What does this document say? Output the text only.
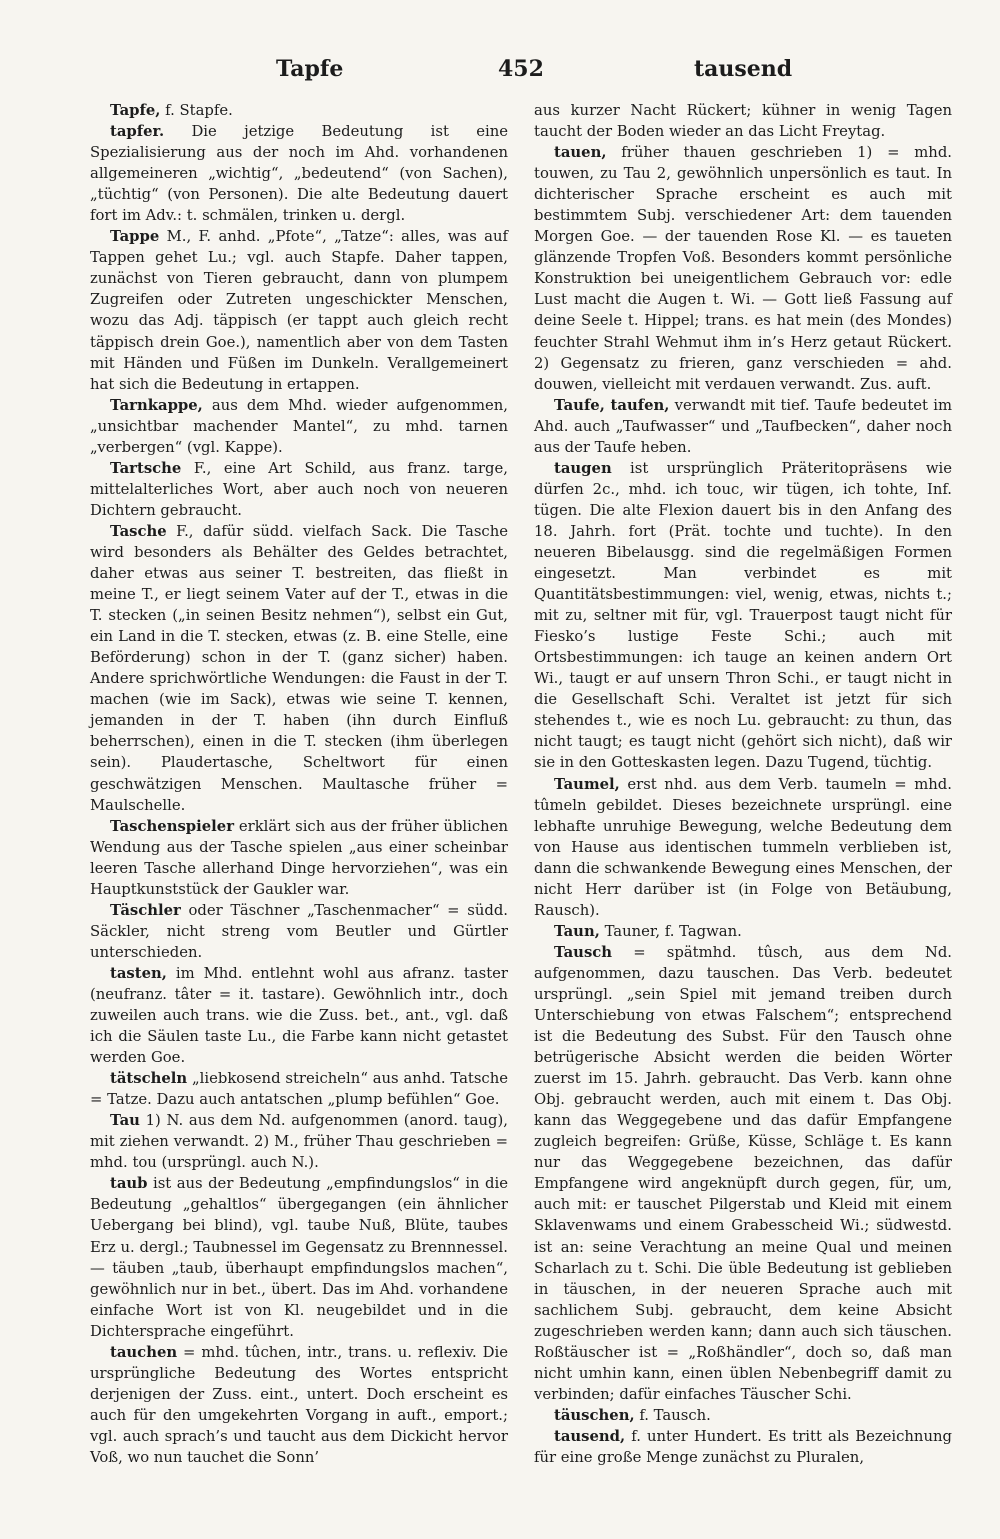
Tapfe	452	tausend

Tapfe, f. Stapfe.

tapfer. Die jetzige Bedeutung ist eine Spezialisierung aus der noch im Ahd. vorhandenen allgemeineren „wichtig“, „bedeutend“ (von Sachen), „tüchtig“ (von Personen). Die alte Bedeutung dauert fort im Adv.: t. schmälen, trinken u. dergl.

Tappe M., F. anhd. „Pfote“, „Tatze“: alles, was auf Tappen gehet Lu.; vgl. auch Stapfe. Daher tappen, zunächst von Tieren gebraucht, dann von plumpem Zugreifen oder Zutreten ungeschickter Menschen, wozu das Adj. täppisch (er tappt auch gleich recht täppisch drein Goe.), namentlich aber von dem Tasten mit Händen und Füßen im Dunkeln. Verallgemeinert hat sich die Bedeutung in ertappen.

Tarnkappe, aus dem Mhd. wieder aufgenommen, „unsichtbar machender Mantel“, zu mhd. tarnen „verbergen“ (vgl. Kappe).

Tartsche F., eine Art Schild, aus franz. targe, mittelalterliches Wort, aber auch noch von neueren Dichtern gebraucht.

Tasche F., dafür südd. vielfach Sack. Die Tasche wird besonders als Behälter des Geldes betrachtet, daher etwas aus seiner T. bestreiten, das fließt in meine T., er liegt seinem Vater auf der T., etwas in die T. stecken („in seinen Besitz nehmen“), selbst ein Gut, ein Land in die T. stecken, etwas (z. B. eine Stelle, eine Beförderung) schon in der T. (ganz sicher) haben. Andere sprichwörtliche Wendungen: die Faust in der T. machen (wie im Sack), etwas wie seine T. kennen, jemanden in der T. haben (ihn durch Einfluß beherrschen), einen in die T. stecken (ihm überlegen sein). Plaudertasche, Scheltwort für einen geschwätzigen Menschen. Maultasche früher = Maulschelle.

Taschenspieler erklärt sich aus der früher üblichen Wendung aus der Tasche spielen „aus einer scheinbar leeren Tasche allerhand Dinge hervorziehen“, was ein Hauptkunststück der Gaukler war.

Täschler oder Täschner „Taschenmacher“ = südd. Säckler, nicht streng vom Beutler und Gürtler unterschieden.

tasten, im Mhd. entlehnt wohl aus afranz. taster (neufranz. tâter = it. tastare). Gewöhnlich intr., doch zuweilen auch trans. wie die Zuss. bet., ant., vgl. daß ich die Säulen taste Lu., die Farbe kann nicht getastet werden Goe.

tätscheln „liebkosend streicheln“ aus anhd. Tatsche = Tatze. Dazu auch antatschen „plump befühlen“ Goe.

Tau 1) N. aus dem Nd. aufgenommen (anord. taug), mit ziehen verwandt. 2) M., früher Thau geschrieben = mhd. tou (ursprüngl. auch N.).

taub ist aus der Bedeutung „empfindungslos“ in die Bedeutung „gehaltlos“ übergegangen (ein ähnlicher Uebergang bei blind), vgl. taube Nuß, Blüte, taubes Erz u. dergl.; Taubnessel im Gegensatz zu Brennnessel. — täuben „taub, überhaupt empfindungslos machen“, gewöhnlich nur in bet., übert. Das im Ahd. vorhandene einfache Wort ist von Kl. neugebildet und in die Dichtersprache eingeführt.

tauchen = mhd. tûchen, intr., trans. u. reflexiv. Die ursprüngliche Bedeutung des Wortes entspricht derjenigen der Zuss. eint., untert. Doch erscheint es auch für den umgekehrten Vorgang in auft., emport.; vgl. auch sprach’s und taucht aus dem Dickicht hervor Voß, wo nun tauchet die Sonn’

aus kurzer Nacht Rückert; kühner in wenig Tagen taucht der Boden wieder an das Licht Freytag.

tauen, früher thauen geschrieben 1) = mhd. touwen, zu Tau 2, gewöhnlich unpersönlich es taut. In dichterischer Sprache erscheint es auch mit bestimmtem Subj. verschiedener Art: dem tauenden Morgen Goe. — der tauenden Rose Kl. — es taueten glänzende Tropfen Voß. Besonders kommt persönliche Konstruktion bei uneigentlichem Gebrauch vor: edle Lust macht die Augen t. Wi. — Gott ließ Fassung auf deine Seele t. Hippel; trans. es hat mein (des Mondes) feuchter Strahl Wehmut ihm in’s Herz getaut Rückert. 2) Gegensatz zu frieren, ganz verschieden = ahd. douwen, vielleicht mit verdauen verwandt. Zus. auft.

Taufe, taufen, verwandt mit tief. Taufe bedeutet im Ahd. auch „Taufwasser“ und „Taufbecken“, daher noch aus der Taufe heben.

taugen ist ursprünglich Präteritopräsens wie dürfen 2c., mhd. ich touc, wir tügen, ich tohte, Inf. tügen. Die alte Flexion dauert bis in den Anfang des 18. Jahrh. fort (Prät. tochte und tuchte). In den neueren Bibelausgg. sind die regelmäßigen Formen eingesetzt. Man verbindet es mit Quantitätsbestimmungen: viel, wenig, etwas, nichts t.; mit zu, seltner mit für, vgl. Trauerpost taugt nicht für Fiesko’s lustige Feste Schi.; auch mit Ortsbestimmungen: ich tauge an keinen andern Ort Wi., taugt er auf unsern Thron Schi., er taugt nicht in die Gesellschaft Schi. Veraltet ist jetzt für sich stehendes t., wie es noch Lu. gebraucht: zu thun, das nicht taugt; es taugt nicht (gehört sich nicht), daß wir sie in den Gotteskasten legen. Dazu Tugend, tüchtig.

Taumel, erst nhd. aus dem Verb. taumeln = mhd. tûmeln gebildet. Dieses bezeichnete ursprüngl. eine lebhafte unruhige Bewegung, welche Bedeutung dem von Hause aus identischen tummeln verblieben ist, dann die schwankende Bewegung eines Menschen, der nicht Herr darüber ist (in Folge von Betäubung, Rausch).

Taun, Tauner, f. Tagwan.

Tausch = spätmhd. tûsch, aus dem Nd. aufgenommen, dazu tauschen. Das Verb. bedeutet ursprüngl. „sein Spiel mit jemand treiben durch Unterschiebung von etwas Falschem“; entsprechend ist die Bedeutung des Subst. Für den Tausch ohne betrügerische Absicht werden die beiden Wörter zuerst im 15. Jahrh. gebraucht. Das Verb. kann ohne Obj. gebraucht werden, auch mit einem t. Das Obj. kann das Weggegebene und das dafür Empfangene zugleich begreifen: Grüße, Küsse, Schläge t. Es kann nur das Weggegebene bezeichnen, das dafür Empfangene wird angeknüpft durch gegen, für, um, auch mit: er tauschet Pilgerstab und Kleid mit einem Sklavenwams und einem Grabesscheid Wi.; südwestd. ist an: seine Verachtung an meine Qual und meinen Scharlach zu t. Schi. Die üble Bedeutung ist geblieben in täuschen, in der neueren Sprache auch mit sachlichem Subj. gebraucht, dem keine Absicht zugeschrieben werden kann; dann auch sich täuschen. Roßtäuscher ist = „Roßhändler“, doch so, daß man nicht umhin kann, einen üblen Nebenbegriff damit zu verbinden; dafür einfaches Täuscher Schi.

täuschen, f. Tausch.

tausend, f. unter Hundert. Es tritt als Bezeichnung für eine große Menge zunächst zu Pluralen,
